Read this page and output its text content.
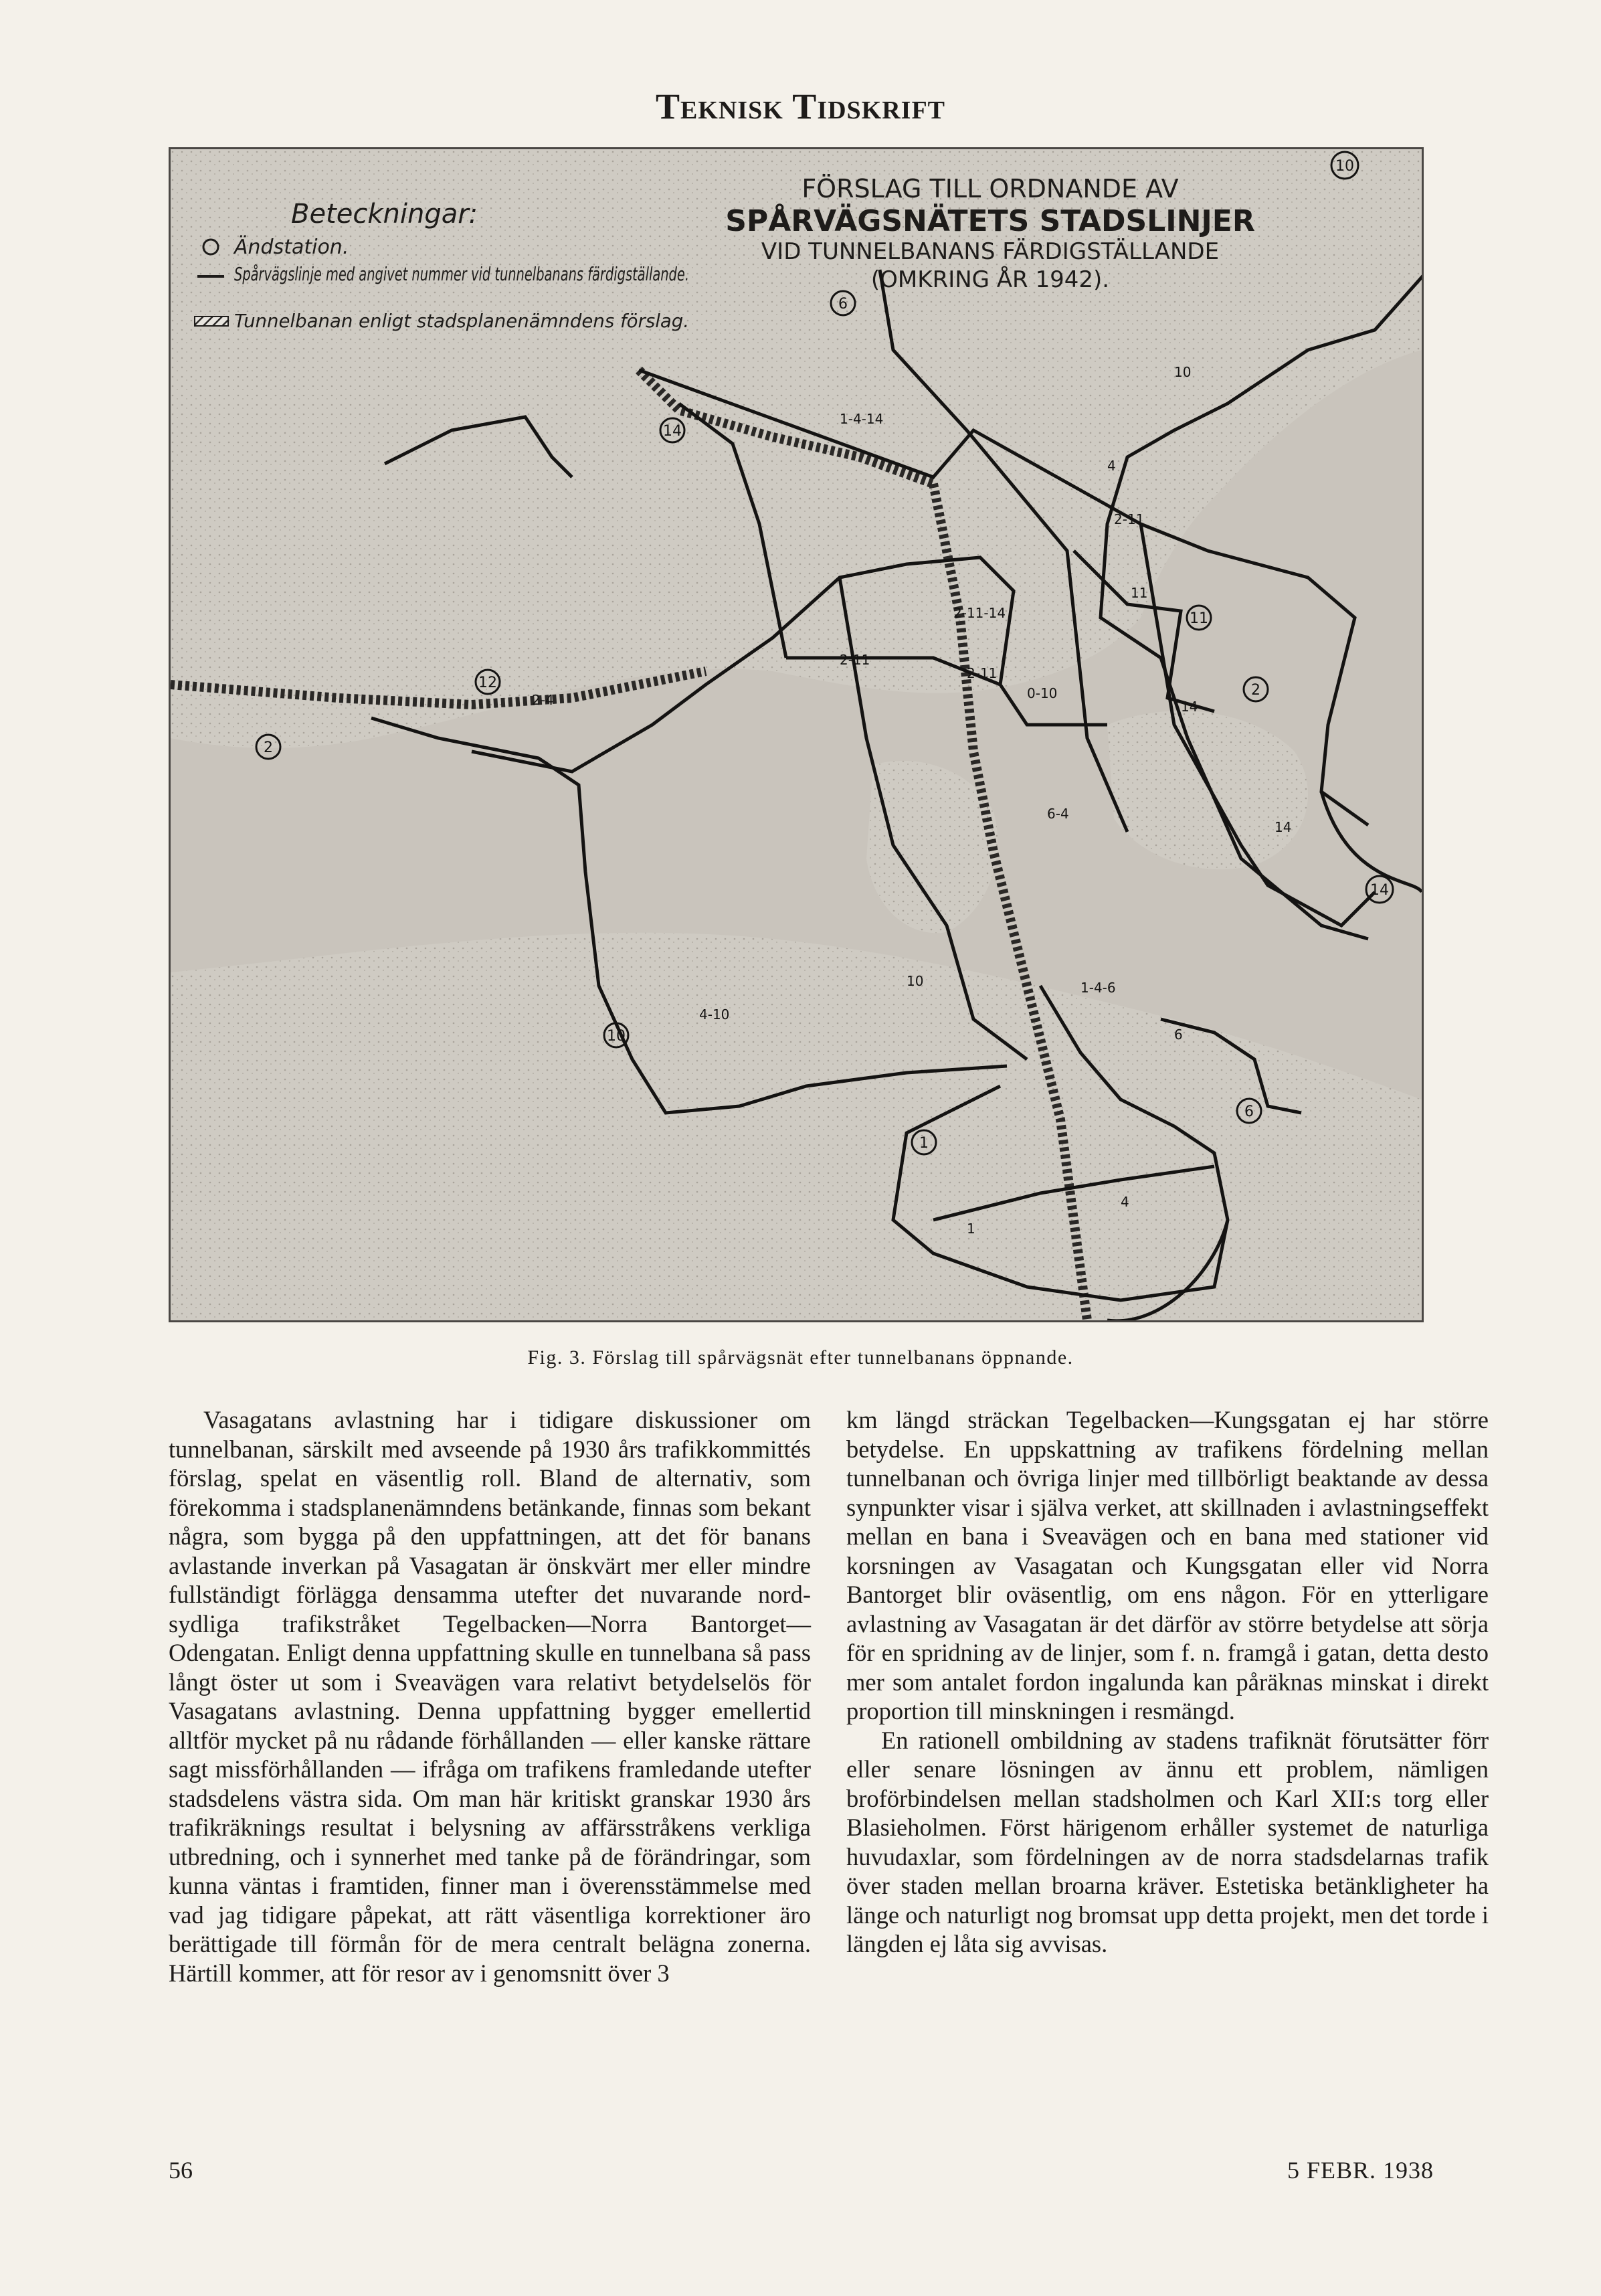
Teknisk Tidskrift
Beteckningar:
Ändstation.
Spårvägslinje med angivet nummer vid tunnelbanans färdigställande.
Tunnelbanan enligt stadsplanenämndens förslag.
FÖRSLAG TILL ORDNANDE AV
SPÅRVÄGSNÄTETS STADSLINJER
VID TUNNELBANANS FÄRDIGSTÄLLANDE
(OMKRING ÅR 1942).
10
6
14
11
2
12
2
14
10
6
1
1-4-14
4
10
2-11
11
2-11-14
14
2-11
2-11
2-4	0-10
6-4
14
10
4-10
1-4-6
6
4
1
Fig. 3. Förslag till spårvägsnät efter tunnelbanans öppnande.

Vasagatans avlastning har i tidigare diskussioner om tunnelbanan, särskilt med avseende på 1930 års trafikkommittés förslag, spelat en väsentlig roll. Bland de alternativ, som förekomma i stadsplanenämndens betänkande, finnas som bekant några, som bygga på den uppfattningen, att det för banans avlastande inverkan på Vasagatan är önskvärt mer eller mindre fullständigt förlägga densamma utefter det nuvarande nord-sydliga trafikstråket Tegelbacken—Norra Bantorget—Odengatan. Enligt denna uppfattning skulle en tunnelbana så pass långt öster ut som i Sveavägen vara relativt betydelselös för Vasagatans avlastning. Denna uppfattning bygger emellertid alltför mycket på nu rådande förhållanden — eller kanske rättare sagt missförhållanden — ifråga om trafikens framledande utefter stadsdelens västra sida. Om man här kritiskt granskar 1930 års trafikräknings resultat i belysning av affärsstråkens verkliga utbredning, och i synnerhet med tanke på de förändringar, som kunna väntas i framtiden, finner man i överensstämmelse med vad jag tidigare påpekat, att rätt väsentliga korrektioner äro berättigade till förmån för de mera centralt belägna zonerna. Härtill kommer, att för resor av i genomsnitt över 3

km längd sträckan Tegelbacken—Kungsgatan ej har större betydelse. En uppskattning av trafikens fördelning mellan tunnelbanan och övriga linjer med tillbörligt beaktande av dessa synpunkter visar i själva verket, att skillnaden i avlastningseffekt mellan en bana i Sveavägen och en bana med stationer vid korsningen av Vasagatan och Kungsgatan eller vid Norra Bantorget blir oväsentlig, om ens någon. För en ytterligare avlastning av Vasagatan är det därför av större betydelse att sörja för en spridning av de linjer, som f. n. framgå i gatan, detta desto mer som antalet fordon ingalunda kan påräknas minskat i direkt proportion till minskningen i resmängd.

En rationell ombildning av stadens trafiknät förutsätter förr eller senare lösningen av ännu ett problem, nämligen broförbindelsen mellan stadsholmen och Karl XII:s torg eller Blasieholmen. Först härigenom erhåller systemet de naturliga huvudaxlar, som fördelningen av de norra stadsdelarnas trafik över staden mellan broarna kräver. Estetiska betänkligheter ha länge och naturligt nog bromsat upp detta projekt, men det torde i längden ej låta sig avvisas.

56	5 FEBR. 1938
